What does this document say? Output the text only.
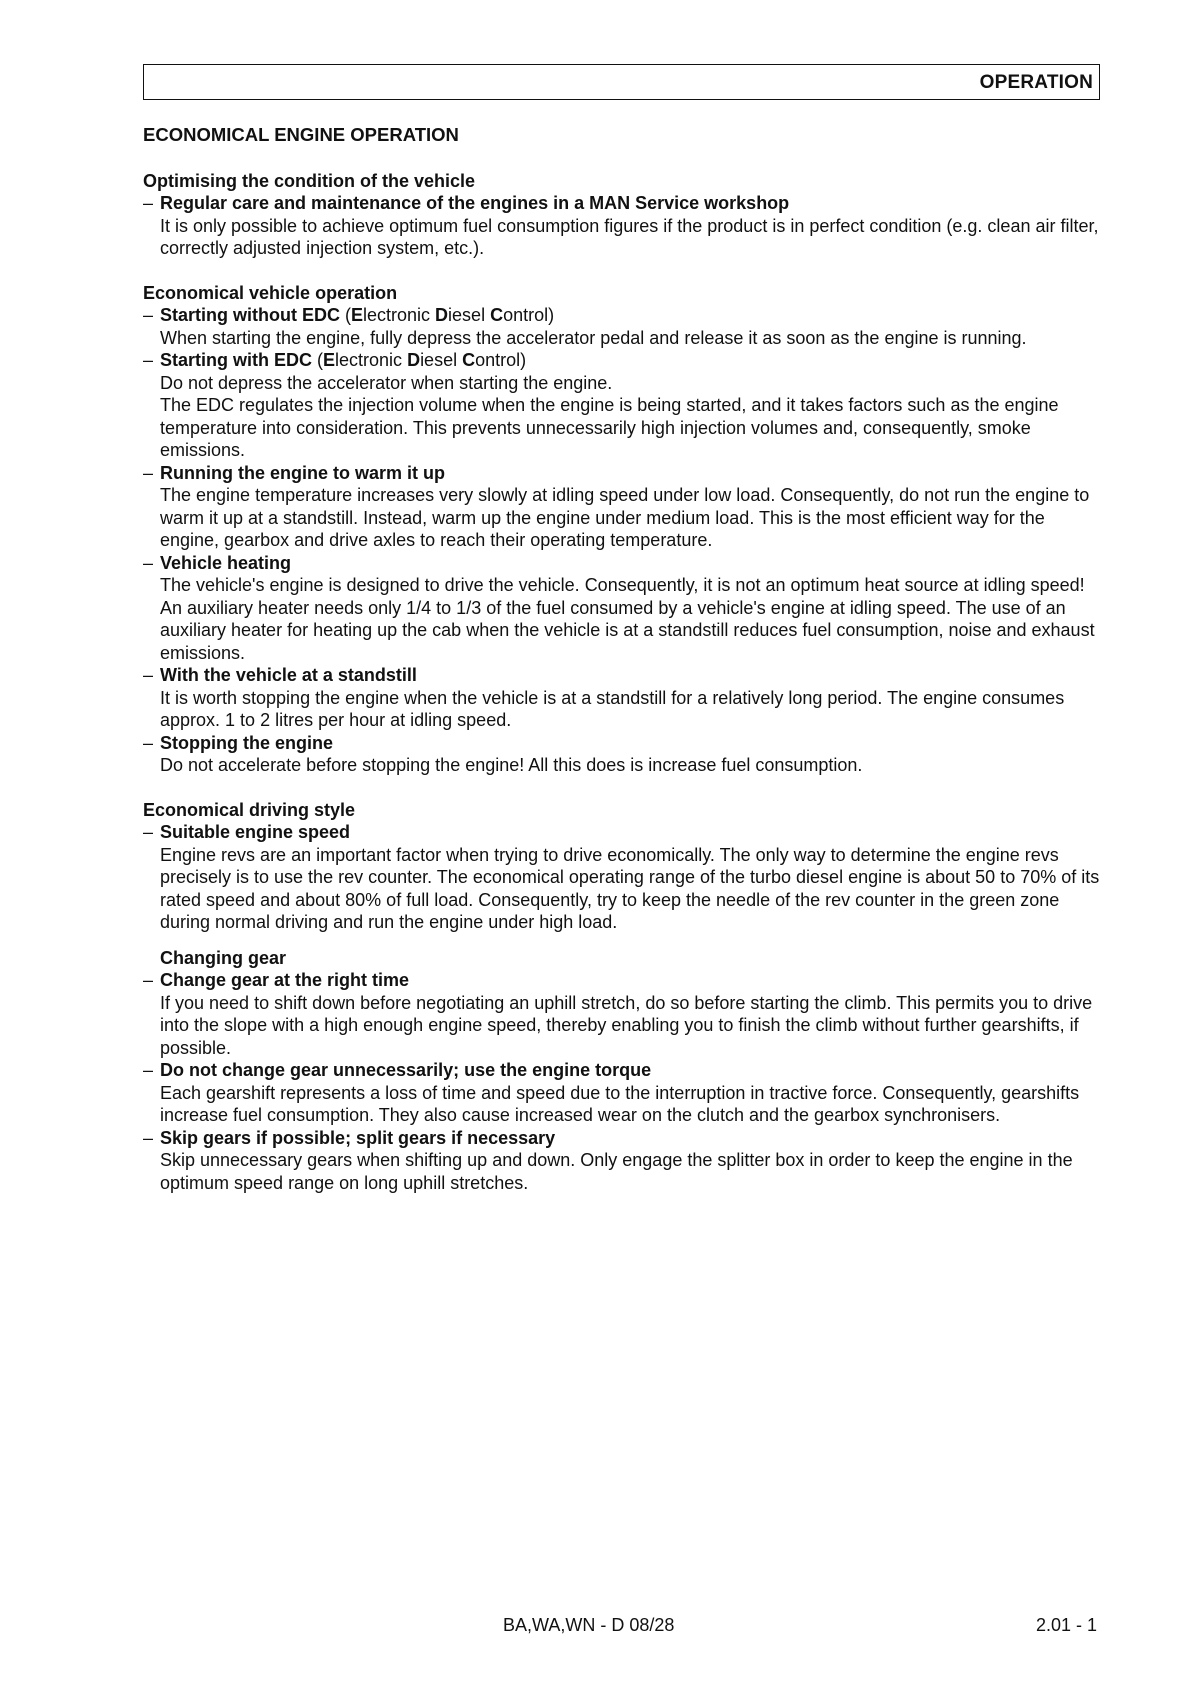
OPERATION
ECONOMICAL ENGINE OPERATION
Optimising the condition of the vehicle
– Regular care and maintenance of the engines in a MAN Service workshop
It is only possible to achieve optimum fuel consumption figures if the product is in perfect condition (e.g. clean air filter, correctly adjusted injection system, etc.).
Economical vehicle operation
– Starting without EDC (Electronic Diesel Control)
When starting the engine, fully depress the accelerator pedal and release it as soon as the engine is running.
– Starting with EDC (Electronic Diesel Control)
Do not depress the accelerator when starting the engine.
The EDC regulates the injection volume when the engine is being started, and it takes factors such as the engine temperature into consideration. This prevents unnecessarily high injection volumes and, consequently, smoke emissions.
– Running the engine to warm it up
The engine temperature increases very slowly at idling speed under low load. Consequently, do not run the engine to warm it up at a standstill. Instead, warm up the engine under medium load. This is the most efficient way for the engine, gearbox and drive axles to reach their operating temperature.
– Vehicle heating
The vehicle's engine is designed to drive the vehicle. Consequently, it is not an optimum heat source at idling speed! An auxiliary heater needs only 1/4 to 1/3 of the fuel consumed by a vehicle's engine at idling speed. The use of an auxiliary heater for heating up the cab when the vehicle is at a standstill reduces fuel consumption, noise and exhaust emissions.
– With the vehicle at a standstill
It is worth stopping the engine when the vehicle is at a standstill for a relatively long period. The engine consumes approx. 1 to 2 litres per hour at idling speed.
– Stopping the engine
Do not accelerate before stopping the engine! All this does is increase fuel consumption.
Economical driving style
– Suitable engine speed
Engine revs are an important factor when trying to drive economically. The only way to determine the engine revs precisely is to use the rev counter. The economical operating range of the turbo diesel engine is about 50 to 70% of its rated speed and about 80% of full load. Consequently, try to keep the needle of the rev counter in the green zone during normal driving and run the engine under high load.
Changing gear
– Change gear at the right time
If you need to shift down before negotiating an uphill stretch, do so before starting the climb. This permits you to drive into the slope with a high enough engine speed, thereby enabling you to finish the climb without further gearshifts, if possible.
– Do not change gear unnecessarily; use the engine torque
Each gearshift represents a loss of time and speed due to the interruption in tractive force. Consequently, gearshifts increase fuel consumption. They also cause increased wear on the clutch and the gearbox synchronisers.
– Skip gears if possible; split gears if necessary
Skip unnecessary gears when shifting up and down. Only engage the splitter box in order to keep the engine in the optimum speed range on long uphill stretches.
BA,WA,WN - D 08/28	2.01 - 1
